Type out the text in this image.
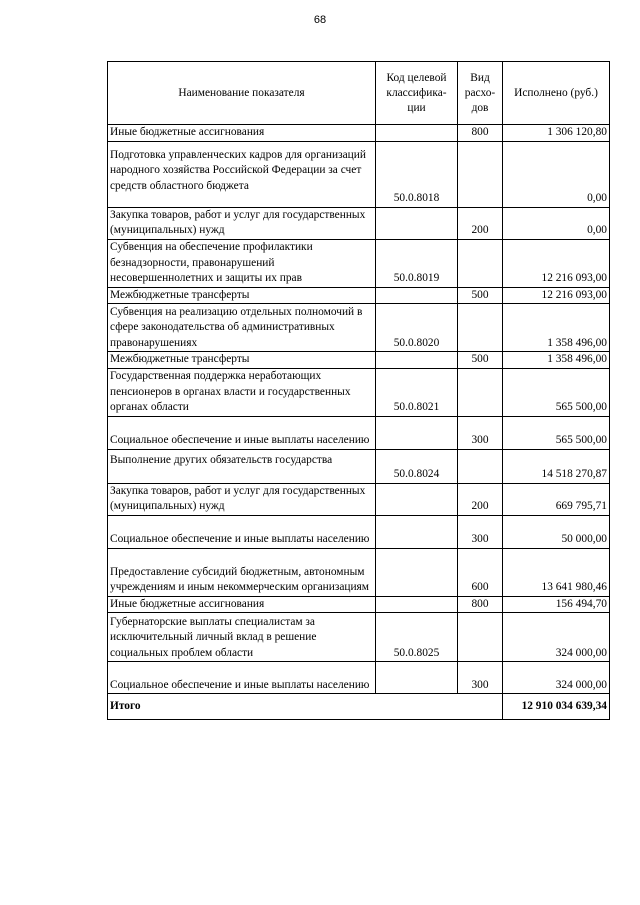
68
Наименование показателя	Код целевой классифика- ции	Вид расхо- дов	Исполнено (руб.)
Иные бюджетные ассигнования		800	1 306 120,80
Подготовка управленческих кадров для организаций народного хозяйства Российской Федерации за счет средств областного бюджета	50.0.8018		0,00
Закупка товаров, работ и услуг для государственных (муниципальных) нужд		200	0,00
Субвенция на обеспечение профилактики безнадзорности, правонарушений несовершеннолетних и защиты их прав	50.0.8019		12 216 093,00
Межбюджетные трансферты		500	12 216 093,00
Субвенция на реализацию отдельных полномочий в сфере законодательства об административных правонарушениях	50.0.8020		1 358 496,00
Межбюджетные трансферты		500	1 358 496,00
Государственная поддержка неработающих пенсионеров в органах власти и государственных органах области	50.0.8021		565 500,00
Социальное обеспечение и иные выплаты населению		300	565 500,00
Выполнение других обязательств государства	50.0.8024		14 518 270,87
Закупка товаров, работ и услуг для государственных (муниципальных) нужд		200	669 795,71
Социальное обеспечение и иные выплаты населению		300	50 000,00
Предоставление субсидий бюджетным, автономным учреждениям и иным некоммерческим организациям		600	13 641 980,46
Иные бюджетные ассигнования		800	156 494,70
Губернаторские выплаты специалистам за исключительный личный вклад в решение социальных проблем области	50.0.8025		324 000,00
Социальное обеспечение и иные выплаты населению		300	324 000,00
Итого			12 910 034 639,34
